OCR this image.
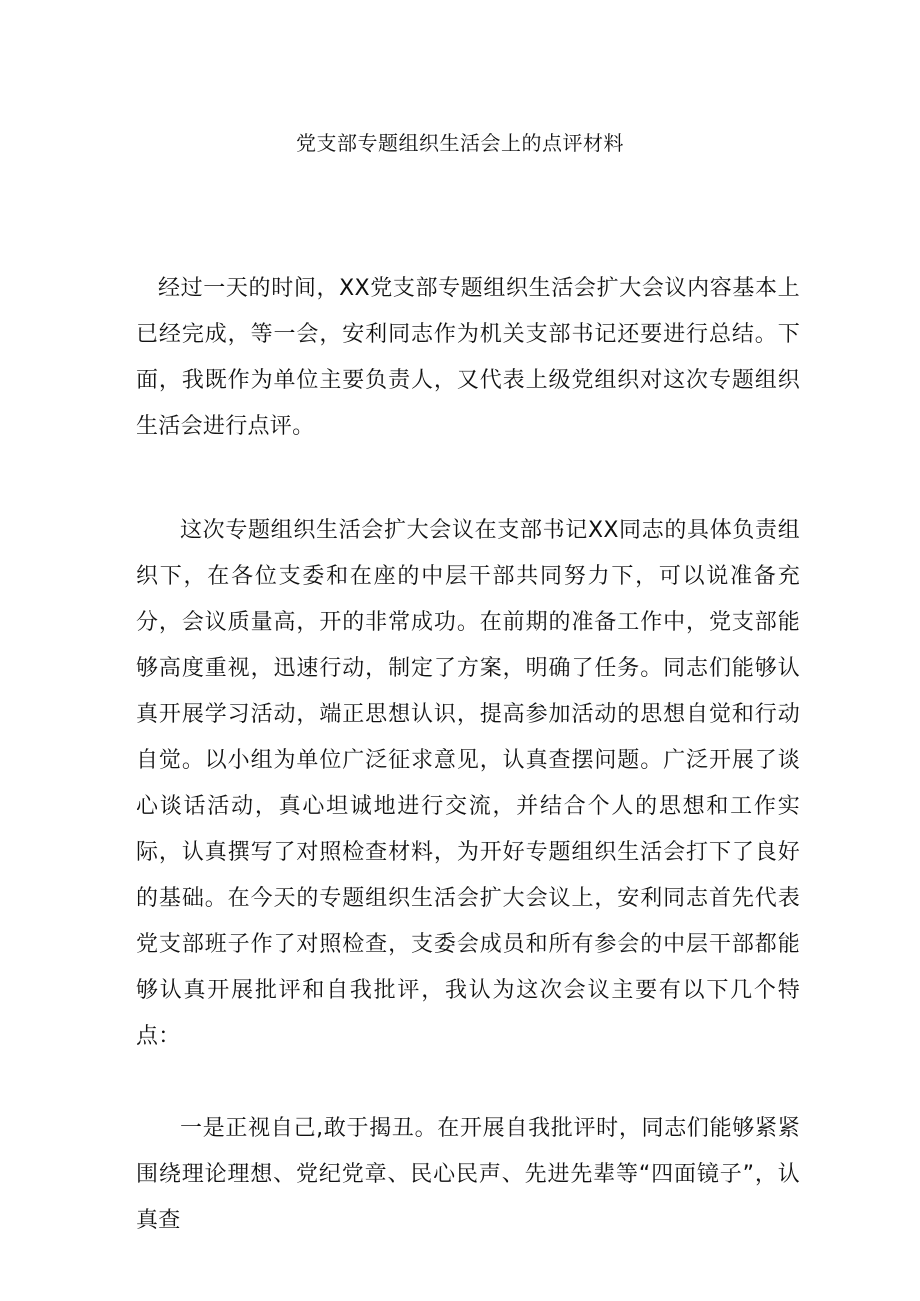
党支部专题组织生活会上的点评材料

经过一天的时间，XX党支部专题组织生活会扩大会议内容基本上已经完成，等一会，安利同志作为机关支部书记还要进行总结。下面，我既作为单位主要负责人，又代表上级党组织对这次专题组织生活会进行点评。

这次专题组织生活会扩大会议在支部书记XX同志的具体负责组织下，在各位支委和在座的中层干部共同努力下，可以说准备充分，会议质量高，开的非常成功。在前期的准备工作中，党支部能够高度重视，迅速行动，制定了方案，明确了任务。同志们能够认真开展学习活动，端正思想认识，提高参加活动的思想自觉和行动自觉。以小组为单位广泛征求意见，认真查摆问题。广泛开展了谈心谈话活动，真心坦诚地进行交流，并结合个人的思想和工作实际，认真撰写了对照检查材料，为开好专题组织生活会打下了良好的基础。在今天的专题组织生活会扩大会议上，安利同志首先代表党支部班子作了对照检查，支委会成员和所有参会的中层干部都能够认真开展批评和自我批评，我认为这次会议主要有以下几个特点：

一是正视自己,敢于揭丑。在开展自我批评时，同志们能够紧紧围绕理论理想、党纪党章、民心民声、先进先辈等“四面镜子”，认真查
